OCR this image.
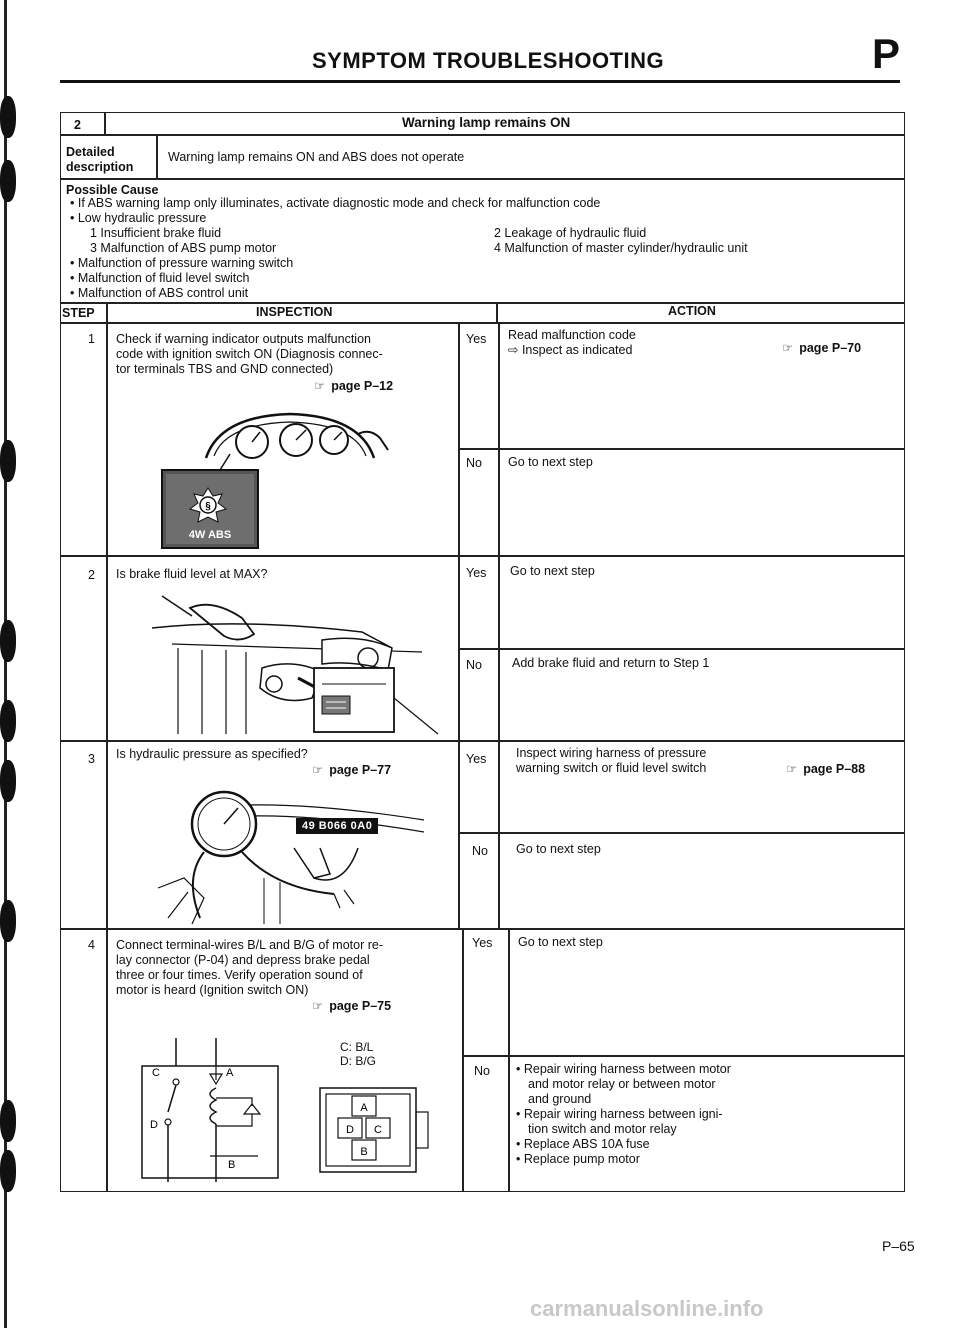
SYMPTOM TROUBLESHOOTING	P
2	Warning lamp remains ON
Detailed
description
Warning lamp remains ON and ABS does not operate
Possible Cause
• If ABS warning lamp only illuminates, activate diagnostic mode and check for malfunction code
• Low hydraulic pressure
1 Insufficient brake fluid	2 Leakage of hydraulic fluid
3 Malfunction of ABS pump motor	4 Malfunction of master cylinder/hydraulic unit
• Malfunction of pressure warning switch
• Malfunction of fluid level switch
• Malfunction of ABS control unit
STEP	INSPECTION	ACTION
1 Check if warning indicator outputs malfunction
code with ignition switch ON (Diagnosis connec-
tor terminals TBS and GND connected)
☞ page P–12
Yes Read malfunction code
⇨ Inspect as indicated	☞ page P–70
No Go to next step
§
4W ABS
2 Is brake fluid level at MAX?	Yes Go to next step
No Add brake fluid and return to Step 1
3 Is hydraulic pressure as specified?
☞ page P–77
Yes Inspect wiring harness of pressure
warning switch or fluid level switch	☞ page P–88
No Go to next step
49 B066 0A0
4 Connect terminal-wires B/L and B/G of motor re-
lay connector (P-04) and depress brake pedal
three or four times. Verify operation sound of
motor is heard (Ignition switch ON)
☞ page P–75
C: B/L
D: B/G
Yes Go to next step
No • Repair wiring harness between motor
and motor relay or between motor
and ground
• Repair wiring harness between igni-
tion switch and motor relay
• Replace ABS 10A fuse
• Replace pump motor
C	A
D
B
A
D C
B
P–65
carmanualsonline.info
